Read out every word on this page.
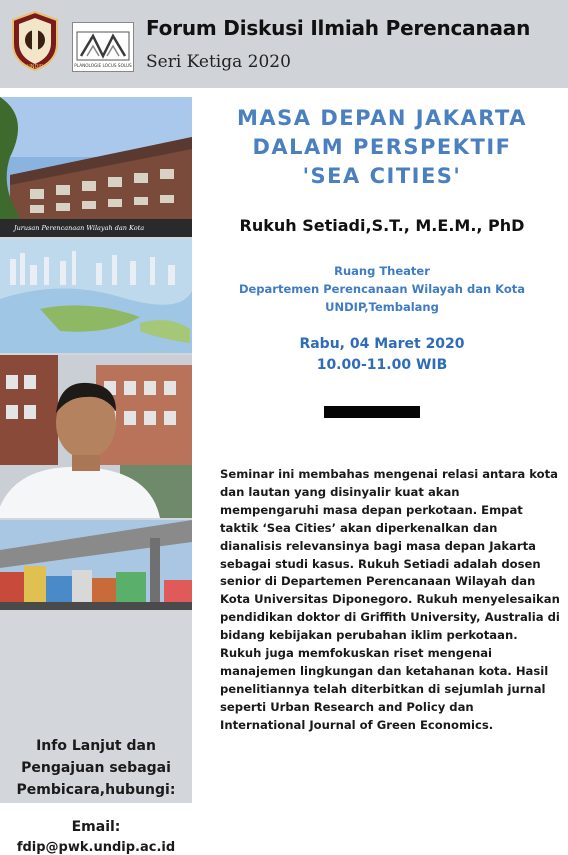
UNDIP	PLANOLOGIE LOCUS SOLUS
Forum Diskusi Ilmiah Perencanaan
Seri Ketiga 2020
Jurusan Perencanaan Wilayah dan Kota

Info Lanjut dan
Pengajuan sebagai
Pembicara,hubungi:

Email:
fdip@pwk.undip.ac.id
MASA DEPAN JAKARTA
DALAM PERSPEKTIF
'SEA CITIES'
Rukuh Setiadi,S.T., M.E.M., PhD

Ruang Theater
Departemen Perencanaan Wilayah dan Kota
UNDIP,Tembalang

Rabu, 04 Maret 2020
10.00-11.00 WIB

Seminar ini membahas mengenai relasi antara kota dan lautan yang disinyalir kuat akan mempengaruhi masa depan perkotaan. Empat taktik ‘Sea Cities’ akan diperkenalkan dan dianalisis relevansinya bagi masa depan Jakarta sebagai studi kasus. Rukuh Setiadi adalah dosen senior di Departemen Perencanaan Wilayah dan Kota Universitas Diponegoro. Rukuh menyelesaikan pendidikan doktor di Griffith University, Australia di bidang kebijakan perubahan iklim perkotaan. Rukuh juga memfokuskan riset mengenai manajemen lingkungan dan ketahanan kota. Hasil penelitiannya telah diterbitkan di sejumlah jurnal seperti Urban Research and Policy dan International Journal of Green Economics.
